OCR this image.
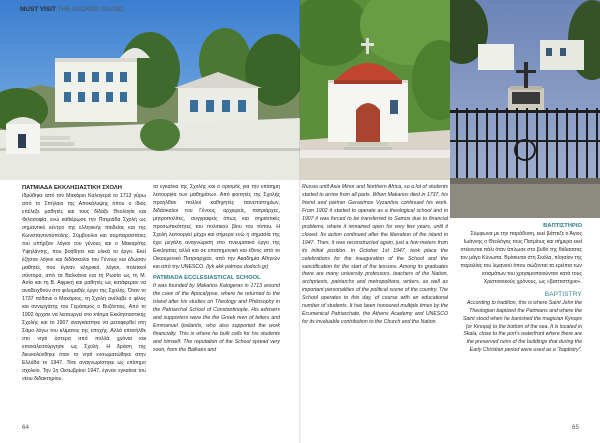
MUST VISIT THE SACRED ISLAND
ΠΑΤΜΙΑΔΑ ΕΚΚΛΗΣΙΑΣΤΙΚΗ ΣΧΟΛΗ

Ιδρύθηκε από τον Μακάριο Καλογερά το 1713 γύρω από το Σπήλαιο της Αποκάλυψης όπου ο ίδιος επέλεξε μαθητές και τους δίδαξε Θεολογία και Φιλοσοφία, ενώ καθιέρωσε την Πατμιάδα Σχολή ως σημαντικό κέντρο της ελληνικής παιδείας και της Κωνσταντινούπολης. Σύμβουλοι και συμπαραστάτες του υπήρξαν λόγιοι του γένους και ο Μακαρίτης Υψηλάντης, που βοήθησε και υλικά το έργο. Εκεί έζησαν λόγιοι και διδάσκαλοι του Γένους και έδωσαν μαθητές που έγιναν κληρικοί, λόγιοι, πολιτικοί σύντομα, από τα Βαλκάνια και τη Ρωσία ως τη Μ. Ασία και τη Β. Αφρική και μαθητές ως κατάφεραν να αναδειχθούν στο φιλομαθές έργο της Σχολής. Όταν το 1737 πέθανε ο Μακάριος, τη Σχολή ανέλαβε ο φίλος και συνεργάτης του Γεράσιμος ο Βυζάντιος. Από το 1902 άρχισε να λειτουργεί στο κτίσμα Εκκλησιαστικής Σχολής και το 1907 αναγκάστηκε να μεταφερθεί στη Σάμο λόγω του κλίματος της εποχής. Αλλά επανήλθε στο νησί ύστερα από πολλά χρόνια και επαναλειτούργησε ως Σχολή. Η δράση της διευκολύνθηκε όταν το νησί ενσωματώθηκε στην Ελλάδα το 1947. Τότε αναγνωρίστηκε ως επίσημο σχολείο. Την 1η Οκτωβρίου 1947, έγιναν εγκαίνια του νέου διδακτηρίου.

τα εγκαίνια της Σχολής και ο ορισμός για την επίσημη λειτουργία των μαθημάτων. Από φοιτητές της Σχολής προήλθαν πολλοί καθηγητές πανεπιστημίων, διδάσκαλοι του Γένους, αρχιερείς, πατριάρχες, μητροπολίτες, συγγραφείς όπως και σημαντικές προσωπικότητες του πολιτικού βίου του τόπου. Η Σχολή λειτουργεί μέχρι και σήμερα ενώ η σημασία της έχει μεγάλη αναγνώριση στο πνευματικό έργο της Εκκλησίας αλλά και σε επιστημονικό και έθνος από το Οικουμενικό Πατριαρχείο, από την Ακαδημία Αθηνών και από την UNESCO. (lyk akk patmou dodsch.gr)

PATMIADA ECCLESIASTICAL SCHOOL

It was founded by Makarios Kalogeras in 1713 around the cave of the Apocalypse, where he returned to the island after his studies on Theology and Philosophy in the Patriarchal School of Constantinople. His advisers and supporters were the the Greek men of letters and Emmanuel Ipsilantis, who also supported the work financially. This is where he built cells for his students and himself. The reputation of the School spread very soon, from the Balkans and

64

Russia until Asia Minor and Northern Africa, so a lot of students started to arrive from all parts. When Makarios died in 1737, his friend and partner Gerasimos Vyzantios continued his work. From 1902 it started to operate as a theological school and in 1907 it was forced to be transferred to Samos due to financial problems, where it remained open for very few years, until it closed. Its action continued after the liberation of the island in 1947. Then, it was reconstructed again, just a few meters from its initial position. In October 1st 1947, took place the celebrations for the inauguration of the School and the sanctification for the start of the lessons. Among its graduates there are many university professors, teachers of the Nation, archpriests, patriarchs and metropolitans, writers, as well as important personalities of the political scene of the country. The School operates to this day, of course with an educational number of students. It has been honoured multiple times by the Ecumenical Patriarchate, the Athens Academy and UNESCO for its invaluable contribution to the Church and the Nation.

ΒΑΠΤΙΣΤΗΡΙΟ

Σύμφωνα με την παράδοση, εκεί βάπτιζε ο Άγιος Ιωάννης ο Θεολόγος τους Πατμίους και σήμερα εκεί στέκονται πάλι όταν άπλωσε στο βυθό της θάλασσας τον μάγο Κύνωπα. Βρίσκεται στη Σκάλα, πλησίον της παραλίας του λιμανιού όπου σώζονται τα ερείπια των κτισμάτων του χρησιμοποιούνταν κατά τους Χριστιανικούς χρόνους, ως «βαπτιστήριο».

BAPTISTRY

According to tradition, this is where Saint John the Theologian baptized the Patmians and where the Saint stood when he banished the magician Kynops (or Kinopa) to the bottom of the sea. It is located in Skala, close to the port's waterfront where there are the preserved ruins of the buildings that during the Early Christian period were used as a "baptistry".

65
